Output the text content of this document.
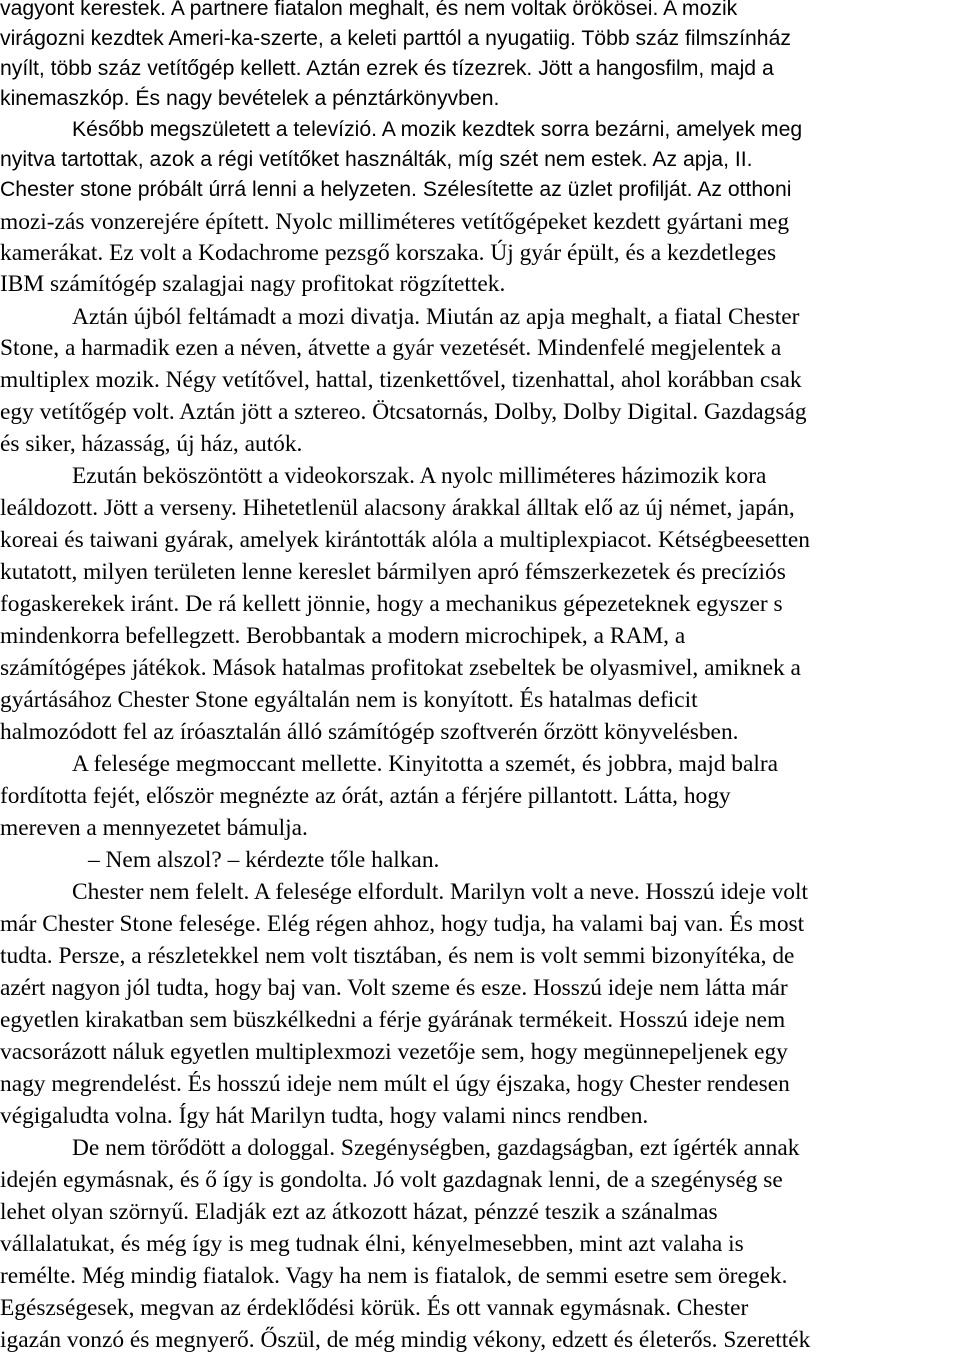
vagyont kerestek. A partnere fiatalon meghalt, és nem voltak örökösei. A mozik
virágozni kezdtek Ameri-ka-szerte, a keleti parttól a nyugatiig. Több száz filmszínház
nyílt, több száz vetítőgép kellett. Aztán ezrek és tízezrek. Jött a hangosfilm, majd a
kinemaszkóp. És nagy bevételek a pénztárkönyvben.
Később megszületett a televízió. A mozik kezdtek sorra bezárni, amelyek meg
nyitva tartottak, azok a régi vetítőket használták, míg szét nem estek. Az apja, II.
Chester stone próbált úrrá lenni a helyzeten. Szélesítette az üzlet profilját. Az otthoni
mozi-zás vonzerejére épített. Nyolc milliméteres vetítőgépeket kezdett gyártani meg
kamerákat. Ez volt a Kodachrome pezsgő korszaka. Új gyár épült, és a kezdetleges
IBM számítógép szalagjai nagy profitokat rögzítettek.
Aztán újból feltámadt a mozi divatja. Miután az apja meghalt, a fiatal Chester
Stone, a harmadik ezen a néven, átvette a gyár vezetését. Mindenfelé megjelentek a
multiplex mozik. Négy vetítővel, hattal, tizenkettővel, tizenhattal, ahol korábban csak
egy vetítőgép volt. Aztán jött a sztereo. Ötcsatornás, Dolby, Dolby Digital. Gazdagság
és siker, házasság, új ház, autók.
Ezután beköszöntött a videokorszak. A nyolc milliméteres házimozik kora
leáldozott. Jött a verseny. Hihetetlenül alacsony árakkal álltak elő az új német, japán,
koreai és taiwani gyárak, amelyek kirántották alóla a multiplexpiacot. Kétségbeesetten
kutatott, milyen területen lenne kereslet bármilyen apró fémszerkezetek és precíziós
fogaskerekek iránt. De rá kellett jönnie, hogy a mechanikus gépezeteknek egyszer s
mindenkorra befellegzett. Berobbantak a modern microchipek, a RAM, a
számítógépes játékok. Mások hatalmas profitokat zsebeltek be olyasmivel, amiknek a
gyártásához Chester Stone egyáltalán nem is konyított. És hatalmas deficit
halmozódott fel az íróasztalán álló számítógép szoftverén őrzött könyvelésben.
A felesége megmoccant mellette. Kinyitotta a szemét, és jobbra, majd balra
fordította fejét, először megnézte az órát, aztán a férjére pillantott. Látta, hogy
mereven a mennyezetet bámulja.
– Nem alszol? – kérdezte tőle halkan.
Chester nem felelt. A felesége elfordult. Marilyn volt a neve. Hosszú ideje volt
már Chester Stone felesége. Elég régen ahhoz, hogy tudja, ha valami baj van. És most
tudta. Persze, a részletekkel nem volt tisztában, és nem is volt semmi bizonyítéka, de
azért nagyon jól tudta, hogy baj van. Volt szeme és esze. Hosszú ideje nem látta már
egyetlen kirakatban sem büszkélkedni a férje gyárának termékeit. Hosszú ideje nem
vacsorázott náluk egyetlen multiplexmozi vezetője sem, hogy megünnepeljenek egy
nagy megrendelést. És hosszú ideje nem múlt el úgy éjszaka, hogy Chester rendesen
végigaludta volna. Így hát Marilyn tudta, hogy valami nincs rendben.
De nem törődött a dologgal. Szegénységben, gazdagságban, ezt ígérték annak
idején egymásnak, és ő így is gondolta. Jó volt gazdagnak lenni, de a szegénység se
lehet olyan szörnyű. Eladják ezt az átkozott házat, pénzzé teszik a szánalmas
vállalatukat, és még így is meg tudnak élni, kényelmesebben, mint azt valaha is
remélte. Még mindig fiatalok. Vagy ha nem is fiatalok, de semmi esetre sem öregek.
Egészségesek, megvan az érdeklődési körük. És ott vannak egymásnak. Chester
igazán vonzó és megnyerő. Őszül, de még mindig vékony, edzett és életerős. Szerették
